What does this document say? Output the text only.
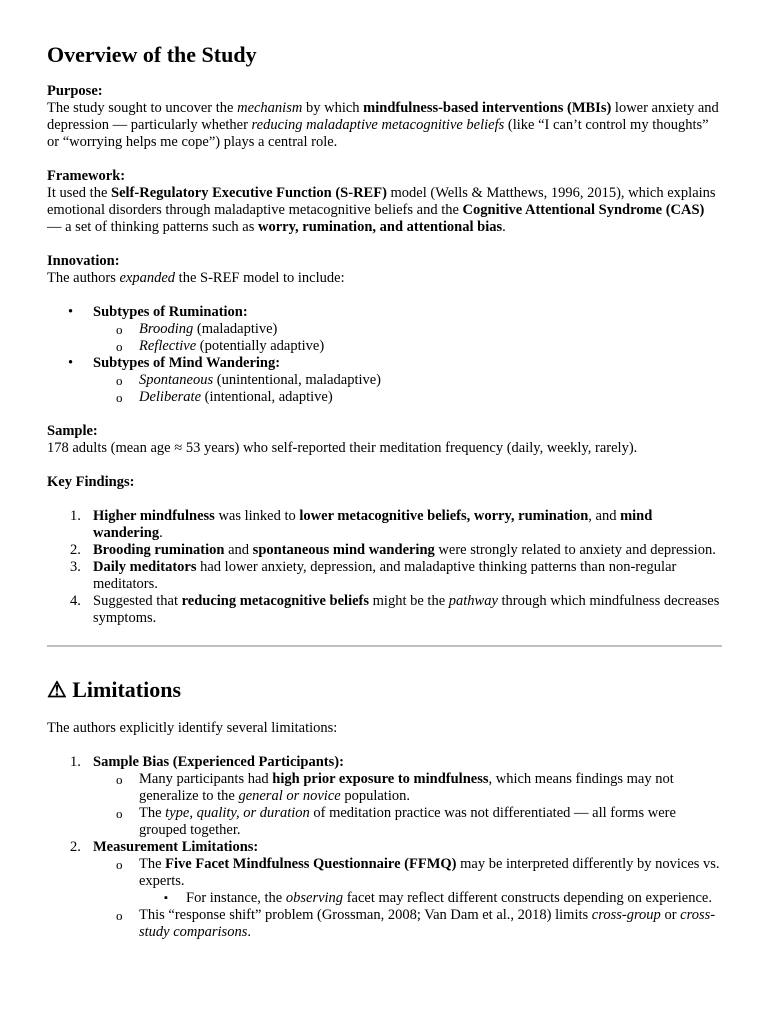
Overview of the Study
Purpose:

The study sought to uncover the mechanism by which mindfulness-based interventions (MBIs) lower anxiety and depression — particularly whether reducing maladaptive metacognitive beliefs (like “I can’t control my thoughts” or “worrying helps me cope”) plays a central role.

Framework:

It used the Self-Regulatory Executive Function (S-REF) model (Wells & Matthews, 1996, 2015), which explains emotional disorders through maladaptive metacognitive beliefs and the Cognitive Attentional Syndrome (CAS) — a set of thinking patterns such as worry, rumination, and attentional bias.

Innovation:

The authors expanded the S-REF model to include:

• Subtypes of Rumination:
o Brooding (maladaptive)
o Reflective (potentially adaptive)
• Subtypes of Mind Wandering:
o Spontaneous (unintentional, maladaptive)
o Deliberate (intentional, adaptive)
Sample:

178 adults (mean age ≈ 53 years) who self-reported their meditation frequency (daily, weekly, rarely).

Key Findings:
1. Higher mindfulness was linked to lower metacognitive beliefs, worry, rumination, and mind wandering.
2. Brooding rumination and spontaneous mind wandering were strongly related to anxiety and depression.
3. Daily meditators had lower anxiety, depression, and maladaptive thinking patterns than non-regular meditators.
4. Suggested that reducing metacognitive beliefs might be the pathway through which mindfulness decreases symptoms.
⚠ Limitations

The authors explicitly identify several limitations:

1. Sample Bias (Experienced Participants):
o Many participants had high prior exposure to mindfulness, which means findings may not generalize to the general or novice population.
o The type, quality, or duration of meditation practice was not differentiated — all forms were grouped together.
2. Measurement Limitations:
o The Five Facet Mindfulness Questionnaire (FFMQ) may be interpreted differently by novices vs. experts.
▪ For instance, the observing facet may reflect different constructs depending on experience.
o This “response shift” problem (Grossman, 2008; Van Dam et al., 2018) limits cross-group or cross-study comparisons.
